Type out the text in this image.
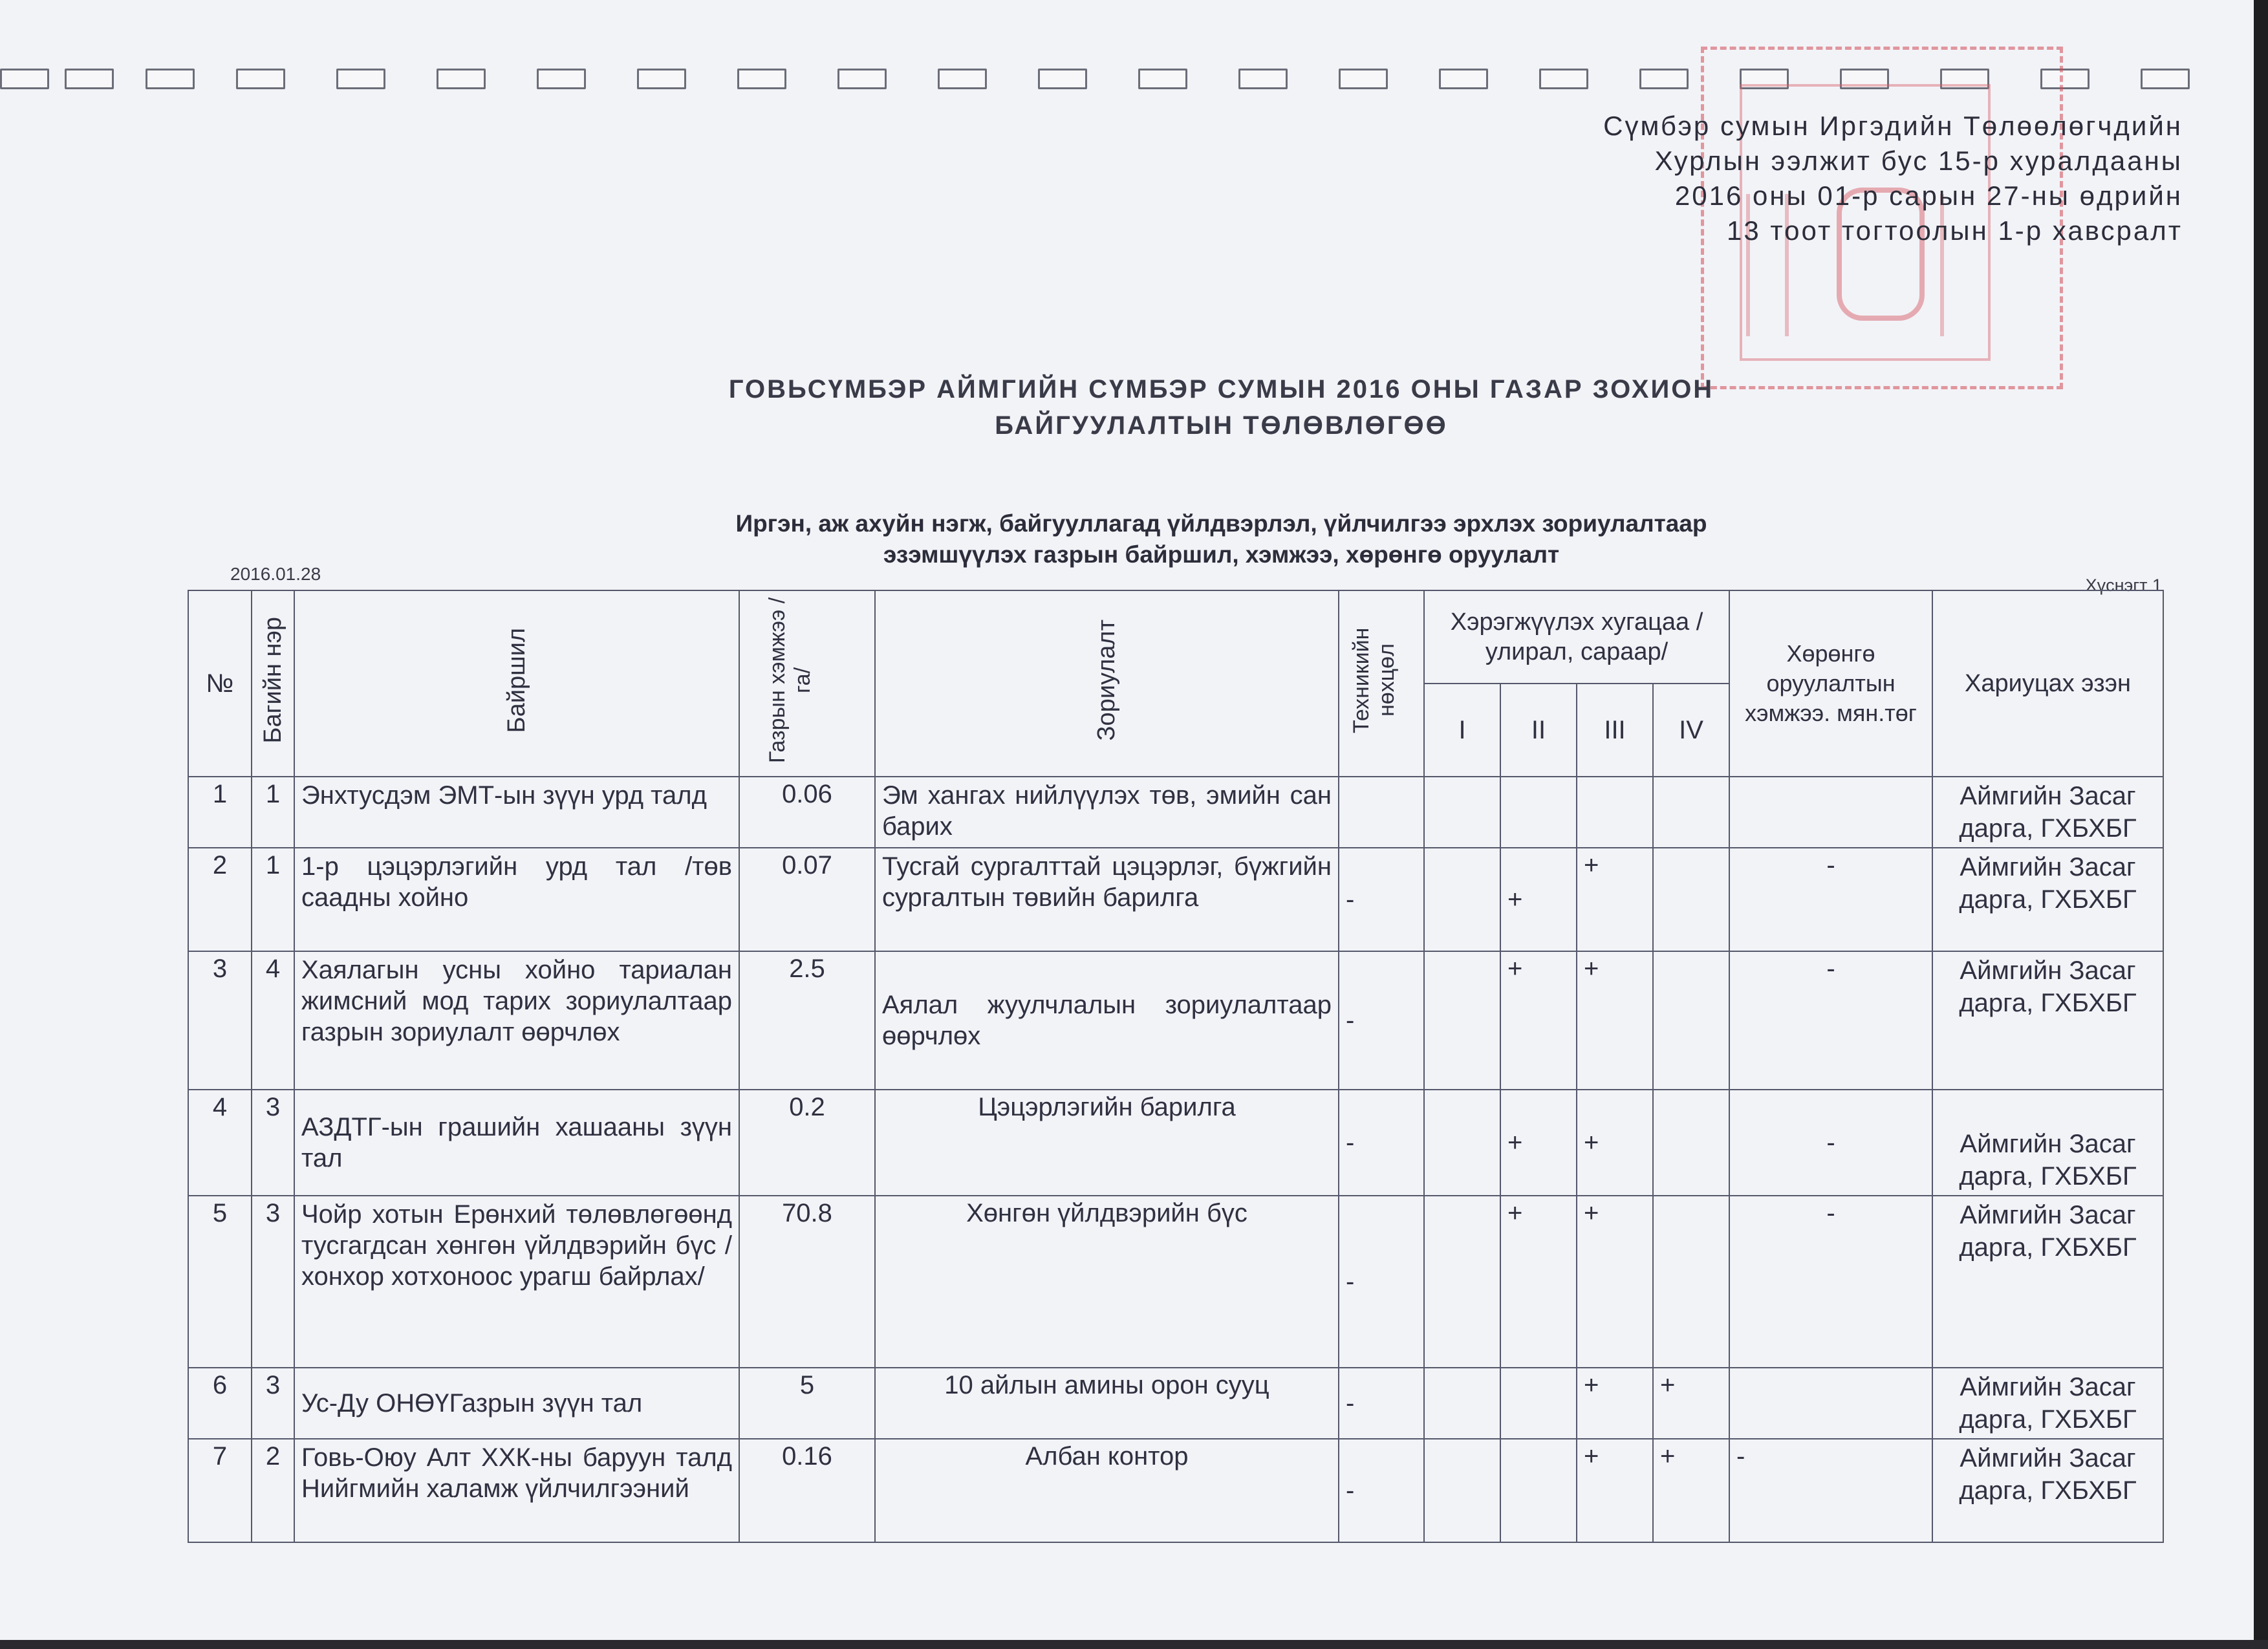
Сүмбэр сумын Иргэдийн Төлөөлөгчдийн
Хурлын ээлжит бус 15-р хуралдааны
2016 оны 01-р сарын 27-ны өдрийн
13 тоот тогтоолын 1-р хавсралт
ГОВЬСҮМБЭР АЙМГИЙН СҮМБЭР СУМЫН 2016 ОНЫ ГАЗАР ЗОХИОН
БАЙГУУЛАЛТЫН ТӨЛӨВЛӨГӨӨ
Иргэн, аж ахуйн нэгж, байгууллагад үйлдвэрлэл, үйлчилгээ эрхлэх зориулалтаар
эзэмшүүлэх газрын байршил, хэмжээ, хөрөнгө оруулалт
2016.01.28
Хүснэгт 1
№	Багийн нэр	Байршил	Газрын хэмжээ /га/	Зориулалт	Техникийн нөхцөл	Хэрэгжүүлэх хугацаа /улирал, сараар/				Хөрөнгө оруулалтын хэмжээ. мян.төг	Хариуцах эзэн
						I	II	III	IV		
1	1	Энхтусдэм ЭМТ-ын зүүн урд талд	0.06	Эм хангах нийлүүлэх төв, эмийн сан барих							Аймгийн Засаг дарга, ГХБХБГ
2	1	1-р цэцэрлэгийн урд тал /төв саадны хойно	0.07	Тусгай сургалттай цэцэрлэг, бүжгийн сургалтын төвийн барилга	-		+	+		-	Аймгийн Засаг дарга, ГХБХБГ
3	4	Хаялагын усны хойно тариалан жимсний мод тарих зориулалтаар газрын зориулалт өөрчлөх	2.5	Аялал жуулчлалын зориулалтаар өөрчлөх	-		+	+		-	Аймгийн Засаг дарга, ГХБХБГ
4	3	АЗДТГ-ын грашийн хашааны зүүн тал	0.2	Цэцэрлэгийн барилга	-		+	+		-	Аймгийн Засаг дарга, ГХБХБГ
5	3	Чойр хотын Ерөнхий төлөвлөгөөнд тусгагдсан хөнгөн үйлдвэрийн бүс /хонхор хотхоноос урагш байрлах/	70.8	Хөнгөн үйлдвэрийн бүс	-		+	+		-	Аймгийн Засаг дарга, ГХБХБГ
6	3	Ус-Ду ОНӨҮГазрын зүүн тал	5	10 айлын амины орон сууц	-			+	+		Аймгийн Засаг дарга, ГХБХБГ
7	2	Говь-Оюу Алт ХХК-ны баруун талд Нийгмийн халамж үйлчилгээний	0.16	Албан контор	-			+	+	-	Аймгийн Засаг дарга, ГХБХБГ
